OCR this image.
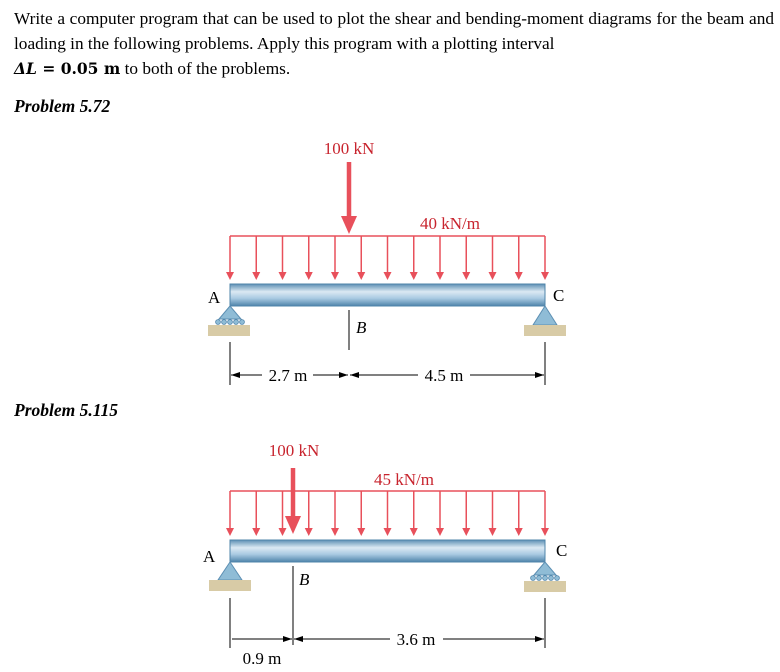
Write a computer program that can be used to plot the shear and bending-moment diagrams for the beam and loading in the following problems. Apply this program with a plotting interval
ΔL = 0.05 m to both of the problems.

Problem 5.72

Problem 5.115

100 kN
40 kN/m
A	C
B
2.7 m	4.5 m
100 kN
45 kN/m
A	C
B
0.9 m
3.6 m
